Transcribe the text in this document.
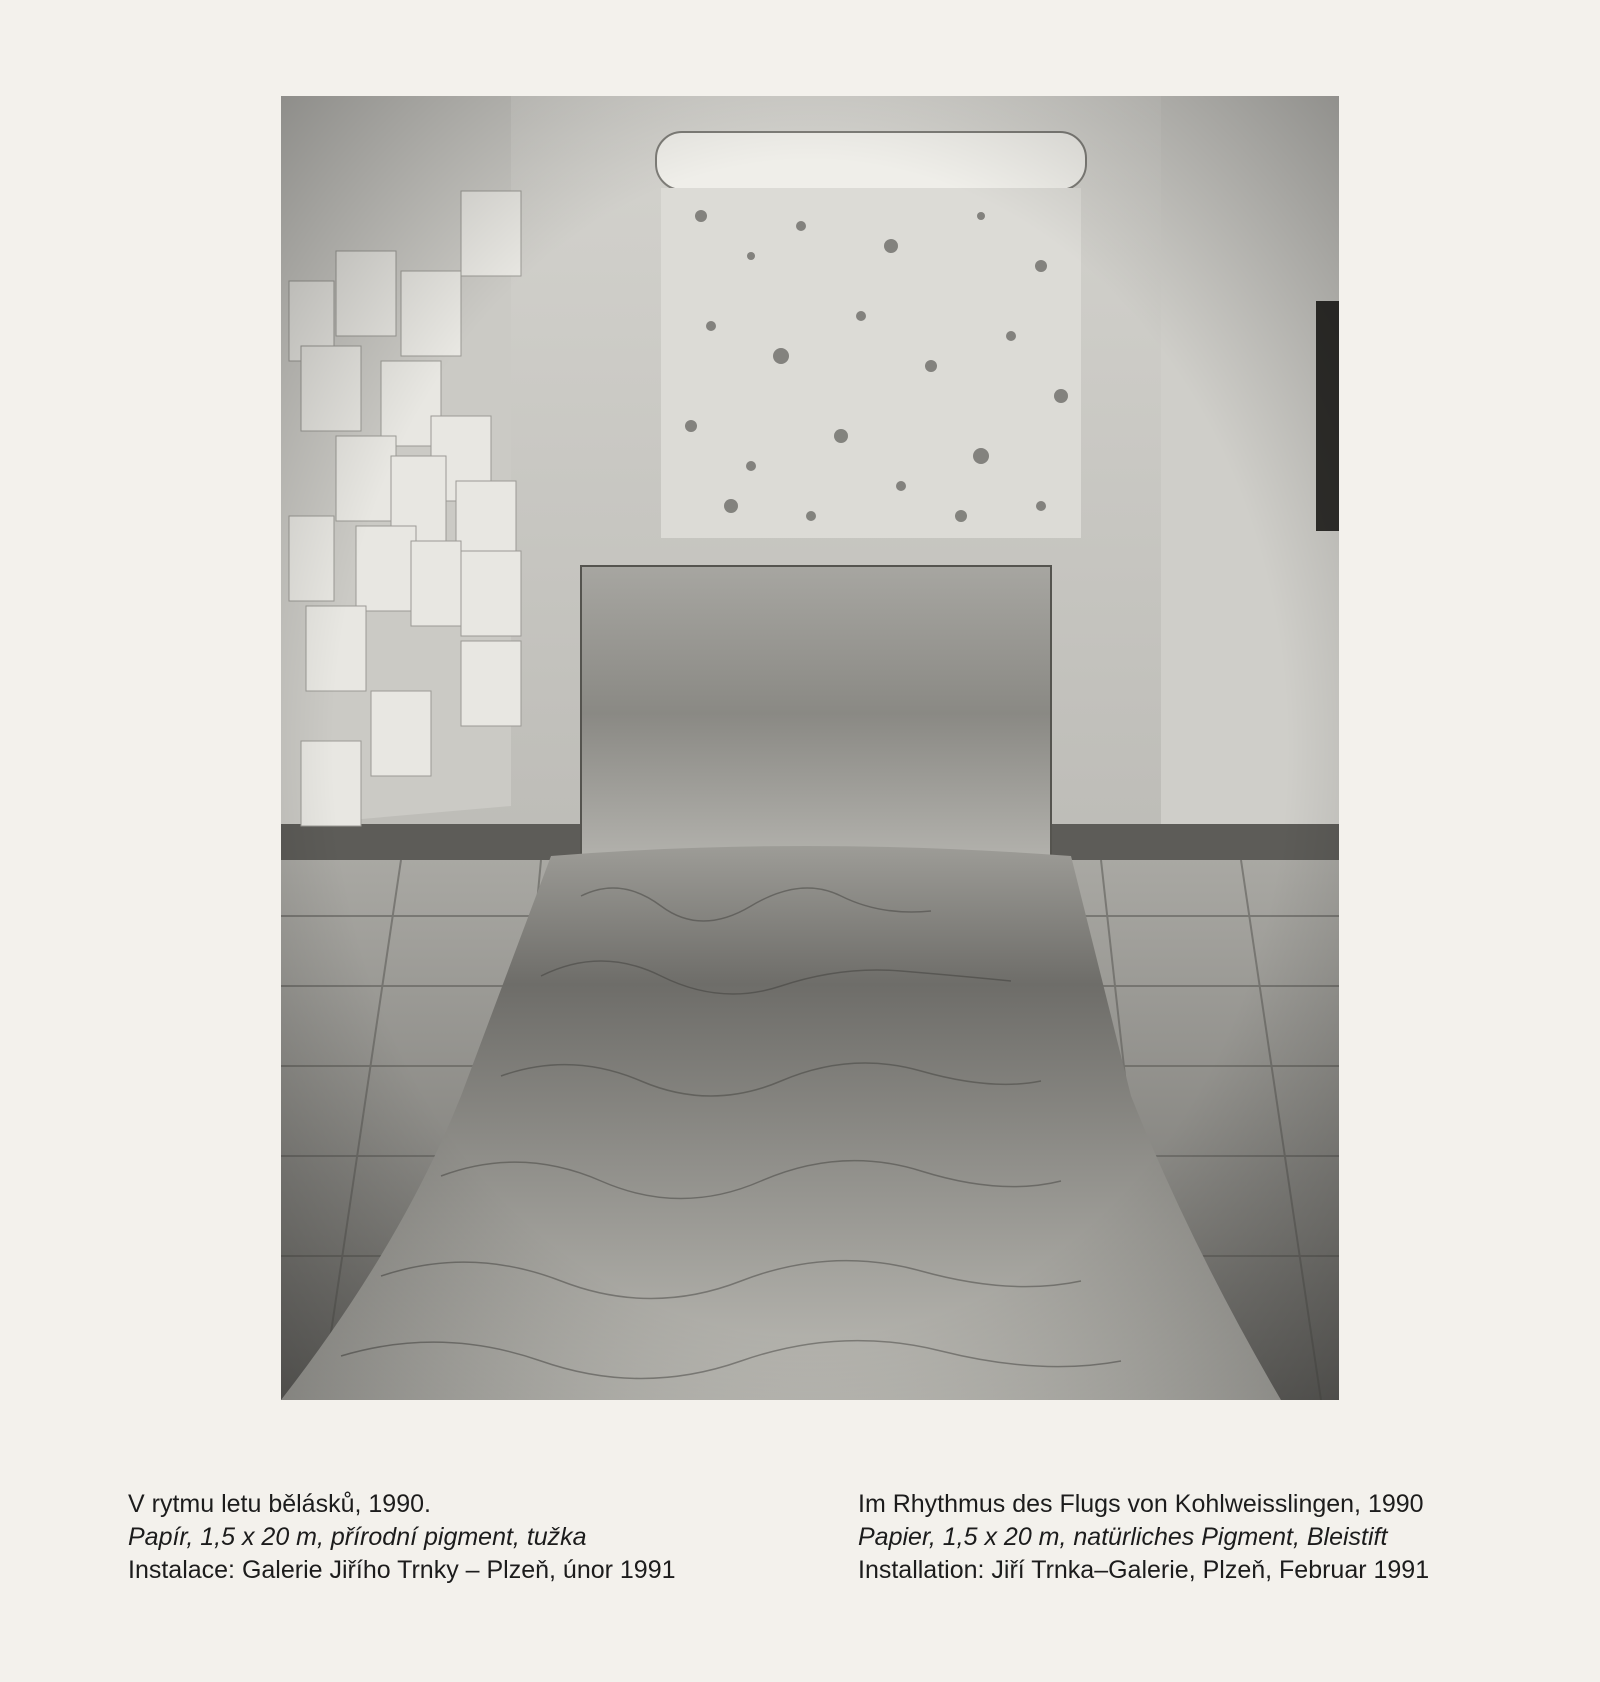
V rytmu letu bělásků, 1990.
Papír, 1,5 x 20 m, přírodní pigment, tužka
Instalace: Galerie Jiřího Trnky – Plzeň, únor 1991
Im Rhythmus des Flugs von Kohlweisslingen, 1990
Papier, 1,5 x 20 m, natürliches Pigment, Bleistift
Installation: Jiří Trnka–Galerie, Plzeň, Februar 1991
